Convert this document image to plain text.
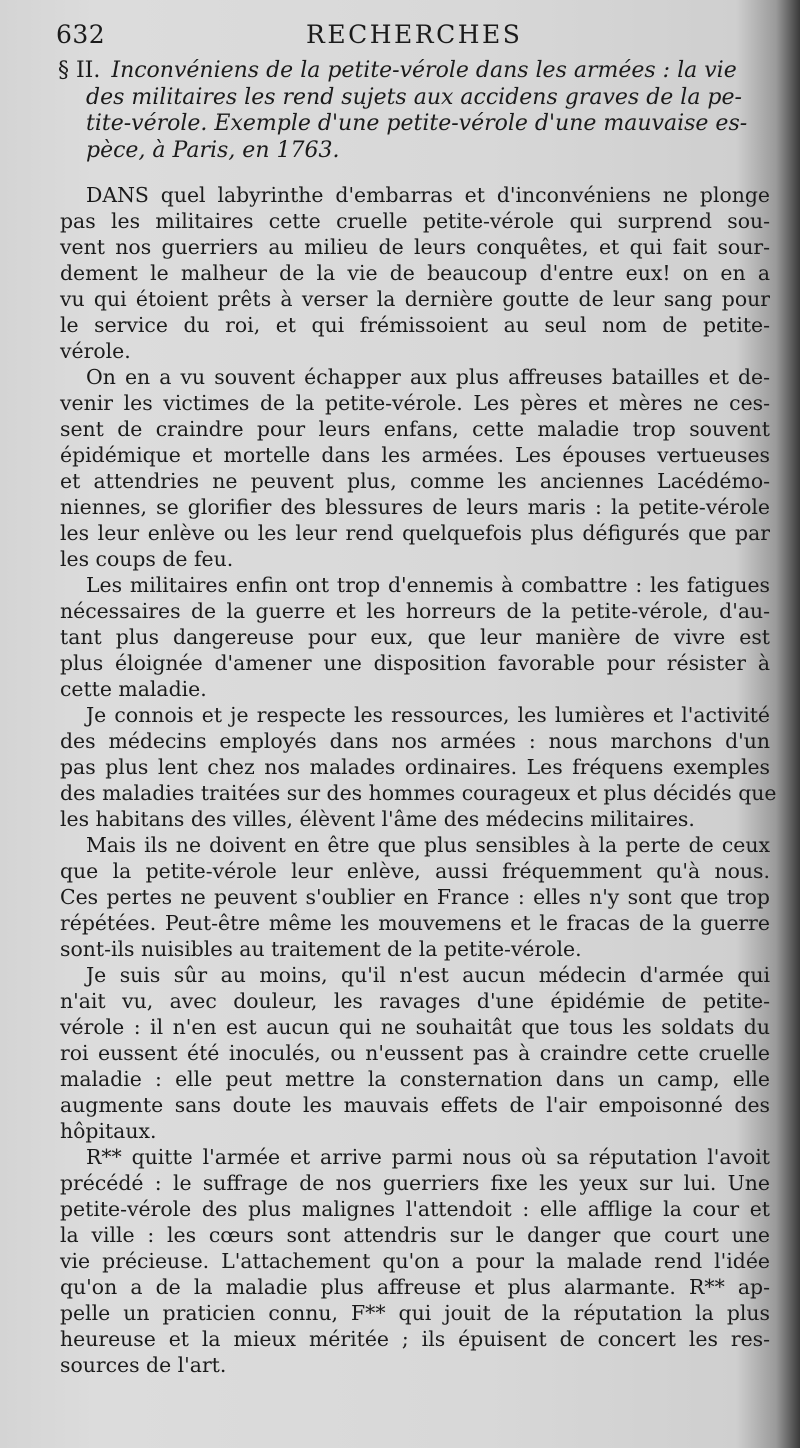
632	RECHERCHES
§ II. Inconvéniens de la petite-vérole dans les armées : la vie
des militaires les rend sujets aux accidens graves de la pe-
tite-vérole. Exemple d'une petite-vérole d'une mauvaise es-
pèce, à Paris, en 1763.

DANS quel labyrinthe d'embarras et d'inconvéniens ne plonge
pas les militaires cette cruelle petite-vérole qui surprend sou-
vent nos guerriers au milieu de leurs conquêtes, et qui fait sour-
dement le malheur de la vie de beaucoup d'entre eux! on en a
vu qui étoient prêts à verser la dernière goutte de leur sang pour
le service du roi, et qui frémissoient au seul nom de petite-
vérole.

On en a vu souvent échapper aux plus affreuses batailles et de-
venir les victimes de la petite-vérole. Les pères et mères ne ces-
sent de craindre pour leurs enfans, cette maladie trop souvent
épidémique et mortelle dans les armées. Les épouses vertueuses
et attendries ne peuvent plus, comme les anciennes Lacédémo-
niennes, se glorifier des blessures de leurs maris : la petite-vérole
les leur enlève ou les leur rend quelquefois plus défigurés que par
les coups de feu.

Les militaires enfin ont trop d'ennemis à combattre : les fatigues
nécessaires de la guerre et les horreurs de la petite-vérole, d'au-
tant plus dangereuse pour eux, que leur manière de vivre est
plus éloignée d'amener une disposition favorable pour résister à
cette maladie.

Je connois et je respecte les ressources, les lumières et l'activité
des médecins employés dans nos armées : nous marchons d'un
pas plus lent chez nos malades ordinaires. Les fréquens exemples
des maladies traitées sur des hommes courageux et plus décidés que
les habitans des villes, élèvent l'âme des médecins militaires.

Mais ils ne doivent en être que plus sensibles à la perte de ceux
que la petite-vérole leur enlève, aussi fréquemment qu'à nous.
Ces pertes ne peuvent s'oublier en France : elles n'y sont que trop
répétées. Peut-être même les mouvemens et le fracas de la guerre
sont-ils nuisibles au traitement de la petite-vérole.

Je suis sûr au moins, qu'il n'est aucun médecin d'armée qui
n'ait vu, avec douleur, les ravages d'une épidémie de petite-
vérole : il n'en est aucun qui ne souhaitât que tous les soldats du
roi eussent été inoculés, ou n'eussent pas à craindre cette cruelle
maladie : elle peut mettre la consternation dans un camp, elle
augmente sans doute les mauvais effets de l'air empoisonné des
hôpitaux.

R** quitte l'armée et arrive parmi nous où sa réputation l'avoit
précédé : le suffrage de nos guerriers fixe les yeux sur lui. Une
petite-vérole des plus malignes l'attendoit : elle afflige la cour et
la ville : les cœurs sont attendris sur le danger que court une
vie précieuse. L'attachement qu'on a pour la malade rend l'idée
qu'on a de la maladie plus affreuse et plus alarmante. R** ap-
pelle un praticien connu, F** qui jouit de la réputation la plus
heureuse et la mieux méritée ; ils épuisent de concert les res-
sources de l'art.
